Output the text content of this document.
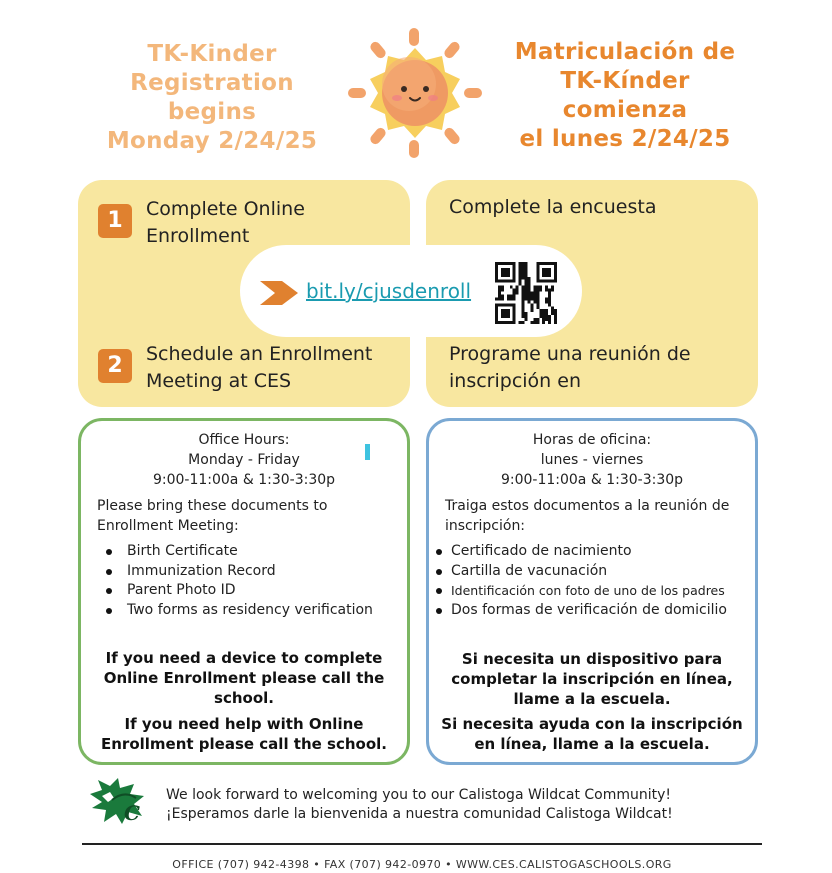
TK-Kinder
Registration
begins
Monday 2/24/25
Matriculación de
TK-Kínder
comienza
el lunes 2/24/25
1	Complete Online
Enrollment
Complete la encuesta
bit.ly/cjusdenroll
2	Schedule an Enrollment
Meeting at CES
Programe una reunión de
inscripción en
Office Hours:
Monday - Friday
9:00-11:00a & 1:30-3:30p
Please bring these documents to
Enrollment Meeting:
Birth Certificate
Immunization Record
Parent Photo ID
Two forms as residency verification
If you need a device to complete
Online Enrollment please call the
school.
If you need help with Online
Enrollment please call the school.
Horas de oficina:
lunes - viernes
9:00-11:00a & 1:30-3:30p
Traiga estos documentos a la reunión de
inscripción:
Certificado de nacimiento
Cartilla de vacunación
Identificación con foto de uno de los padres
Dos formas de verificación de domicilio
Si necesita un dispositivo para
completar la inscripción en línea,
llame a la escuela.
Si necesita ayuda con la inscripción
en línea, llame a la escuela.
C
We look forward to welcoming you to our Calistoga Wildcat Community!
¡Esperamos darle la bienvenida a nuestra comunidad Calistoga Wildcat!
OFFICE (707) 942-4398 • FAX (707) 942-0970 • WWW.CES.CALISTOGASCHOOLS.ORG
